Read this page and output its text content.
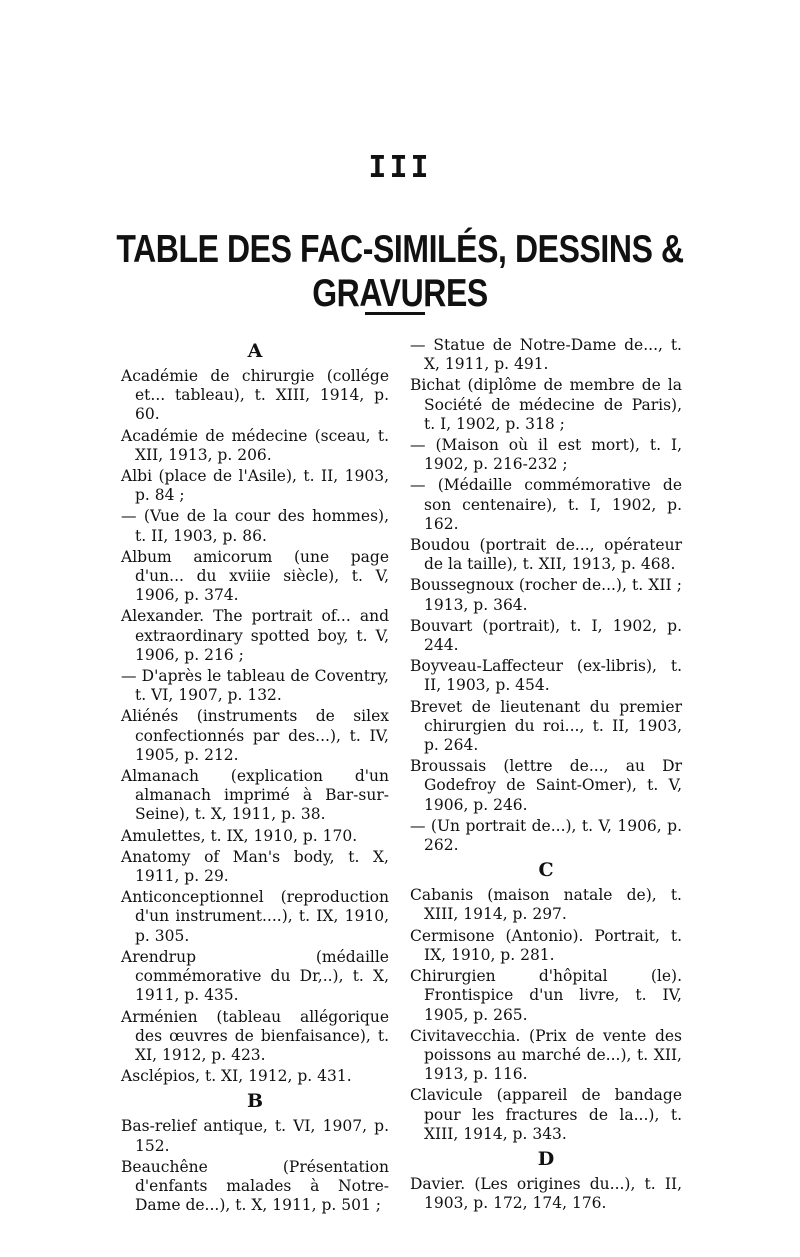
III
TABLE DES FAC-SIMILÉS, DESSINS & GRAVURES
A
Académie de chirurgie (collége et... tableau), t. XIII, 1914, p. 60.
Académie de médecine (sceau, t. XII, 1913, p. 206.
Albi (place de l'Asile), t. II, 1903, p. 84 ;
— (Vue de la cour des hommes), t. II, 1903, p. 86.
Album amicorum (une page d'un... du xviiie siècle), t. V, 1906, p. 374.
Alexander. The portrait of... and extraordinary spotted boy, t. V, 1906, p. 216 ;
— D'après le tableau de Coventry, t. VI, 1907, p. 132.
Aliénés (instruments de silex confectionnés par des...), t. IV, 1905, p. 212.
Almanach (explication d'un almanach imprimé à Bar-sur-Seine), t. X, 1911, p. 38.
Amulettes, t. IX, 1910, p. 170.
Anatomy of Man's body, t. X, 1911, p. 29.
Anticonceptionnel (reproduction d'un instrument....), t. IX, 1910, p. 305.
Arendrup (médaille commémorative du Dr,..), t. X, 1911, p. 435.
Arménien (tableau allégorique des œuvres de bienfaisance), t. XI, 1912, p. 423.
Asclépios, t. XI, 1912, p. 431.
B
Bas-relief antique, t. VI, 1907, p. 152.
Beauchêne (Présentation d'enfants malades à Notre-Dame de...), t. X, 1911, p. 501 ;
— Statue de Notre-Dame de..., t. X, 1911, p. 491.
Bichat (diplôme de membre de la Société de médecine de Paris), t. I, 1902, p. 318 ;
— (Maison où il est mort), t. I, 1902, p. 216-232 ;
— (Médaille commémorative de son centenaire), t. I, 1902, p. 162.
Boudou (portrait de..., opérateur de la taille), t. XII, 1913, p. 468.
Boussegnoux (rocher de...), t. XII ; 1913, p. 364.
Bouvart (portrait), t. I, 1902, p. 244.
Boyveau-Laffecteur (ex-libris), t. II, 1903, p. 454.
Brevet de lieutenant du premier chirurgien du roi..., t. II, 1903, p. 264.
Broussais (lettre de..., au Dr Godefroy de Saint-Omer), t. V, 1906, p. 246.
— (Un portrait de...), t. V, 1906, p. 262.
C
Cabanis (maison natale de), t. XIII, 1914, p. 297.
Cermisone (Antonio). Portrait, t. IX, 1910, p. 281.
Chirurgien d'hôpital (le). Frontispice d'un livre, t. IV, 1905, p. 265.
Civitavecchia. (Prix de vente des poissons au marché de...), t. XII, 1913, p. 116.
Clavicule (appareil de bandage pour les fractures de la...), t. XIII, 1914, p. 343.
D
Davier. (Les origines du...), t. II, 1903, p. 172, 174, 176.
